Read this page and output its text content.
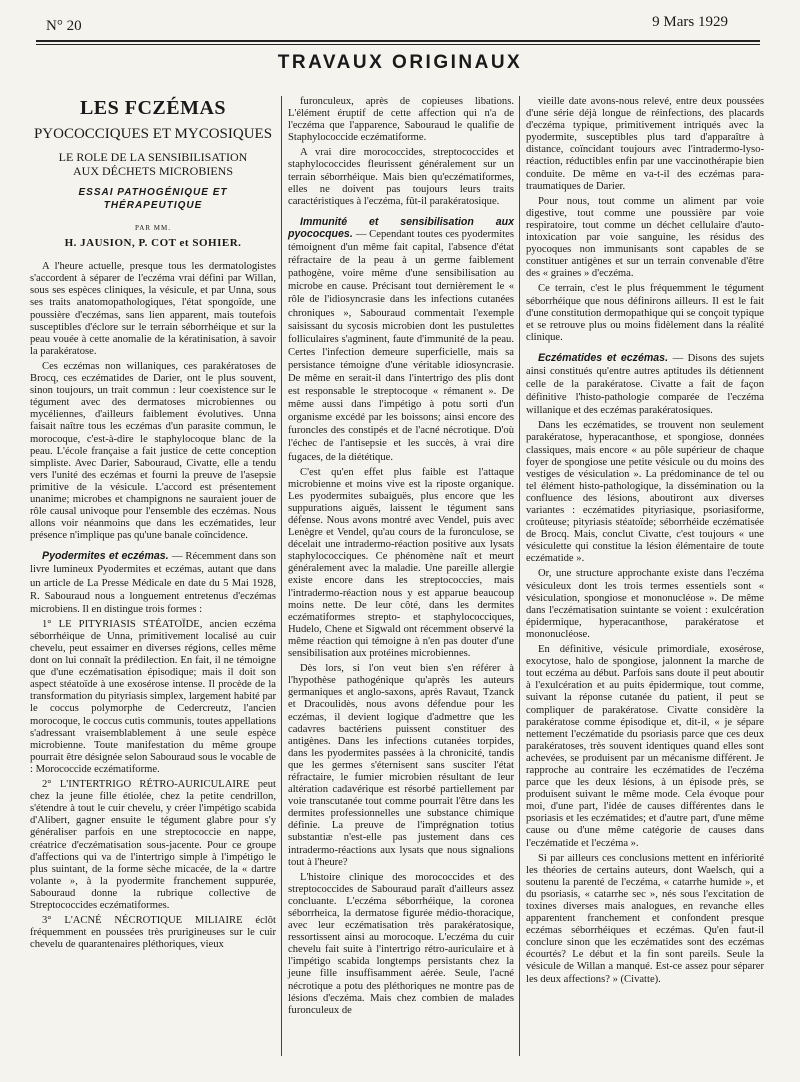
N° 20	9 Mars 1929
TRAVAUX ORIGINAUX
LES FCZÉMAS
PYOCOCCIQUES ET MYCOSIQUES
LE ROLE DE LA SENSIBILISATION
AUX DÉCHETS MICROBIENS
ESSAI PATHOGÉNIQUE ET THÉRAPEUTIQUE
PAR MM.
H. JAUSION, P. COT et SOHIER.

A l'heure actuelle, presque tous les dermatologistes s'accordent à séparer de l'eczéma vrai défini par Willan, sous ses espèces cliniques, la vésicule, et par Unna, sous ses traits anatomopathologiques, l'état spongoïde, une poussière d'eczémas, sans lien apparent, mais toutefois susceptibles d'éclore sur le terrain séborrhéique et sur la peau vouée à cette anomalie de la kératinisation, à savoir la parakératose.

Ces eczémas non willaniques, ces parakératoses de Brocq, ces eczématides de Darier, ont le plus souvent, sinon toujours, un trait commun : leur coexistence sur le tégument avec des dermatoses microbiennes ou mycéliennes, d'ailleurs faiblement évolutives. Unna faisait naître tous les eczémas d'un parasite commun, le morocoque, c'est-à-dire le staphylocoque blanc de la peau. L'école française a fait justice de cette conception simpliste. Avec Darier, Sabouraud, Civatte, elle a tendu vers l'unité des eczémas et fourni la preuve de l'asepsie primitive de la vésicule. L'accord est présentement unanime; microbes et champignons ne sauraient jouer de rôle causal univoque pour l'ensemble des eczémas. Nous allons voir néanmoins que dans les eczématides, leur présence n'implique pas qu'une banale coïncidence.

Pyodermites et eczémas. — Récemment dans son livre lumineux Pyodermites et eczémas, autant que dans un article de La Presse Médicale en date du 5 Mai 1928, R. Sabouraud nous a longuement entretenus d'eczémas microbiens. Il en distingue trois formes :

1° LE PITYRIASIS STÉATOÏDE, ancien eczéma séborrhéique de Unna, primitivement localisé au cuir chevelu, peut essaimer en diverses régions, celles même dont on lui connaît la prédilection. En fait, il ne témoigne que d'une eczématisation épisodique; mais il doit son aspect stéatoïde à une exosérose intense. Il procède de la transformation du pityriasis simplex, largement habité par le coccus polymorphe de Cedercreutz, l'ancien morocoque, le coccus cutis communis, toutes appellations s'adressant vraisemblablement à une seule espèce microbienne. Toute manifestation du même groupe pourrait être désignée selon Sabouraud sous le vocable de : Morococcide eczématiforme.

2° L'INTERTRIGO RÉTRO-AURICULAIRE peut chez la jeune fille étiolée, chez la petite cendrillon, s'étendre à tout le cuir chevelu, y créer l'impétigo scabida d'Alibert, gagner ensuite le tégument glabre pour s'y généraliser parfois en une streptococcie en nappe, créatrice d'eczématisation sous-jacente. Pour ce groupe d'affections qui va de l'intertrigo simple à l'impétigo le plus suintant, de la forme sèche micacée, de la « dartre volante », à la pyodermite franchement suppurée, Sabouraud donne la rubrique collective de Streptococcides eczématiformes.

3° L'ACNÉ NÉCROTIQUE MILIAIRE éclôt fréquemment en poussées très prurigineuses sur le cuir chevelu de quarantenaires pléthoriques, vieux

furonculeux, après de copieuses libations. L'élément éruptif de cette affection qui n'a de l'eczéma que l'apparence, Sabouraud le qualifie de Staphylococcide eczématiforme.

A vrai dire morococcides, streptococcides et staphylococcides fleurissent généralement sur un terrain séborrhéique. Mais bien qu'eczématiformes, elles ne doivent pas toujours leurs traits caractéristiques à l'eczéma, fût-il parakératosique.

Immunité et sensibilisation aux pyococques. — Cependant toutes ces pyodermites témoignent d'un même fait capital, l'absence d'état réfractaire de la peau à un germe faiblement pathogène, voire même d'une sensibilisation au microbe en cause. Précisant tout dernièrement le « rôle de l'idiosyncrasie dans les infections cutanées chroniques », Sabouraud commentait l'exemple saisissant du sycosis microbien dont les pustulettes folliculaires s'agminent, faute d'immunité de la peau. Certes l'infection demeure superficielle, mais sa persistance témoigne d'une véritable idiosyncrasie. De même en serait-il dans l'intertrigo des plis dont est responsable le streptocoque « rémanent ». De même aussi dans l'impétigo à potu sorti d'un organisme excédé par les boissons; ainsi encore des furoncles des constipés et de l'acné nécrotique. D'où l'échec de l'antisepsie et les succès, à vrai dire fugaces, de la diététique.

C'est qu'en effet plus faible est l'attaque microbienne et moins vive est la riposte organique. Les pyodermites subaiguës, plus encore que les suppurations aiguës, laissent le tégument sans défense. Nous avons montré avec Vendel, puis avec Lenègre et Vendel, qu'au cours de la furonculose, se décelait une intradermo-réaction positive aux lysats staphylococciques. Ce phénomène naît et meurt généralement avec la maladie. Une pareille allergie existe encore dans les streptococcies, mais l'intradermo-réaction nous y est apparue beaucoup moins nette. De leur côté, dans les dermites eczématiformes strepto- et staphylococciques, Hudelo, Chene et Sigwald ont récemment observé la même réaction qui témoigne à n'en pas douter d'une sensibilisation aux protéines microbiennes.

Dès lors, si l'on veut bien s'en référer à l'hypothèse pathogénique qu'après les auteurs germaniques et anglo-saxons, après Ravaut, Tzanck et Dracoulidès, nous avons défendue pour les eczémas, il devient logique d'admettre que les cadavres bactériens puissent constituer des antigènes. Dans les infections cutanées torpides, dans les pyodermites passées à la chronicité, tandis que les germes s'éternisent sans susciter l'état réfractaire, le fumier microbien résultant de leur altération cadavérique est résorbé partiellement par voie transcutanée tout comme pourrait l'être dans les dermites professionnelles une substance chimique définie. La preuve de l'imprégnation totius substantiæ n'est-elle pas justement dans ces intradermo-réactions aux lysats que nous signalions tout à l'heure?

L'histoire clinique des morococcides et des streptococcides de Sabouraud paraît d'ailleurs assez concluante. L'eczéma séborrhéique, la coronea séborrheica, la dermatose figurée médio-thoracique, avec leur eczématisation très parakératosique, ressortissent ainsi au morocoque. L'eczéma du cuir chevelu fait suite à l'intertrigo rétro-auriculaire et à l'impétigo scabida longtemps persistants chez la jeune fille insuffisamment aérée. Seule, l'acné nécrotique a potu des pléthoriques ne montre pas de lésions d'eczéma. Mais chez combien de malades furonculeux de

vieille date avons-nous relevé, entre deux poussées d'une série déjà longue de réinfections, des placards d'eczéma typique, primitivement intriqués avec la pyodermite, susceptibles plus tard d'apparaître à distance, coïncidant toujours avec l'intradermo-lyso-réaction, réductibles enfin par une vaccinothérapie bien conduite. De même en va-t-il des eczémas para-traumatiques de Darier.

Pour nous, tout comme un aliment par voie digestive, tout comme une poussière par voie respiratoire, tout comme un déchet cellulaire d'auto-intoxication par voie sanguine, les résidus des pyocoques non immunisants sont capables de se constituer antigènes et sur un terrain convenable d'être des « graines » d'eczéma.

Ce terrain, c'est le plus fréquemment le tégument séborrhéique que nous définirons ailleurs. Il est le fait d'une constitution dermopathique qui se conçoit typique et se retrouve plus ou moins fidèlement dans la réalité clinique.

Eczématides et eczémas. — Disons des sujets ainsi constitués qu'entre autres aptitudes ils détiennent celle de la parakératose. Civatte a fait de façon définitive l'histo-pathologie comparée de l'eczéma willanique et des eczémas parakératosiques.

Dans les eczématides, se trouvent non seulement parakératose, hyperacanthose, et spongiose, données classiques, mais encore « au pôle supérieur de chaque foyer de spongiose une petite vésicule ou du moins des vestiges de vésiculation ». La prédominance de tel ou tel élément histo-pathologique, la dissémination ou la confluence des lésions, aboutiront aux diverses variantes : eczématides pityriasique, psoriasiforme, croûteuse; pityriasis stéatoïde; séborrhéide eczématisée de Brocq. Mais, conclut Civatte, c'est toujours « une vésiculette qui constitue la lésion élémentaire de toute eczématide ».

Or, une structure approchante existe dans l'eczéma vésiculeux dont les trois termes essentiels sont « vésiculation, spongiose et mononucléose ». De même dans l'eczématisation suintante se voient : exulcération épidermique, hyperacanthose, parakératose et mononucléose.

En définitive, vésicule primordiale, exosérose, exocytose, halo de spongiose, jalonnent la marche de tout eczéma au début. Parfois sans doute il peut aboutir à l'exulcération et au puits épidermique, tout comme, suivant la réponse cutanée du patient, il peut se compliquer de parakératose. Civatte considère la parakératose comme épisodique et, dit-il, « je sépare nettement l'eczématide du psoriasis parce que ces deux parakératoses, très souvent identiques quand elles sont achevées, se produisent par un mécanisme différent. Je rapproche au contraire les eczématides de l'eczéma parce que les deux lésions, à un épisode près, se produisent suivant le même mode. Cela évoque pour moi, d'une part, l'idée de causes différentes dans le psoriasis et les eczématides; et d'autre part, d'une même cause ou d'une même catégorie de causes dans l'eczématide et l'eczéma ».

Si par ailleurs ces conclusions mettent en infériorité les théories de certains auteurs, dont Waelsch, qui a soutenu la parenté de l'eczéma, « catarrhe humide », et du psoriasis, « catarrhe sec », nés sous l'excitation de toxines diverses mais analogues, en revanche elles apparentent franchement et confondent presque eczémas séborrhéiques et eczémas. Qu'en faut-il conclure sinon que les eczématides sont des eczémas écourtés? Le début et la fin sont pareils. Seule la vésicule de Willan a manqué. Est-ce assez pour séparer les deux affections? » (Civatte).
